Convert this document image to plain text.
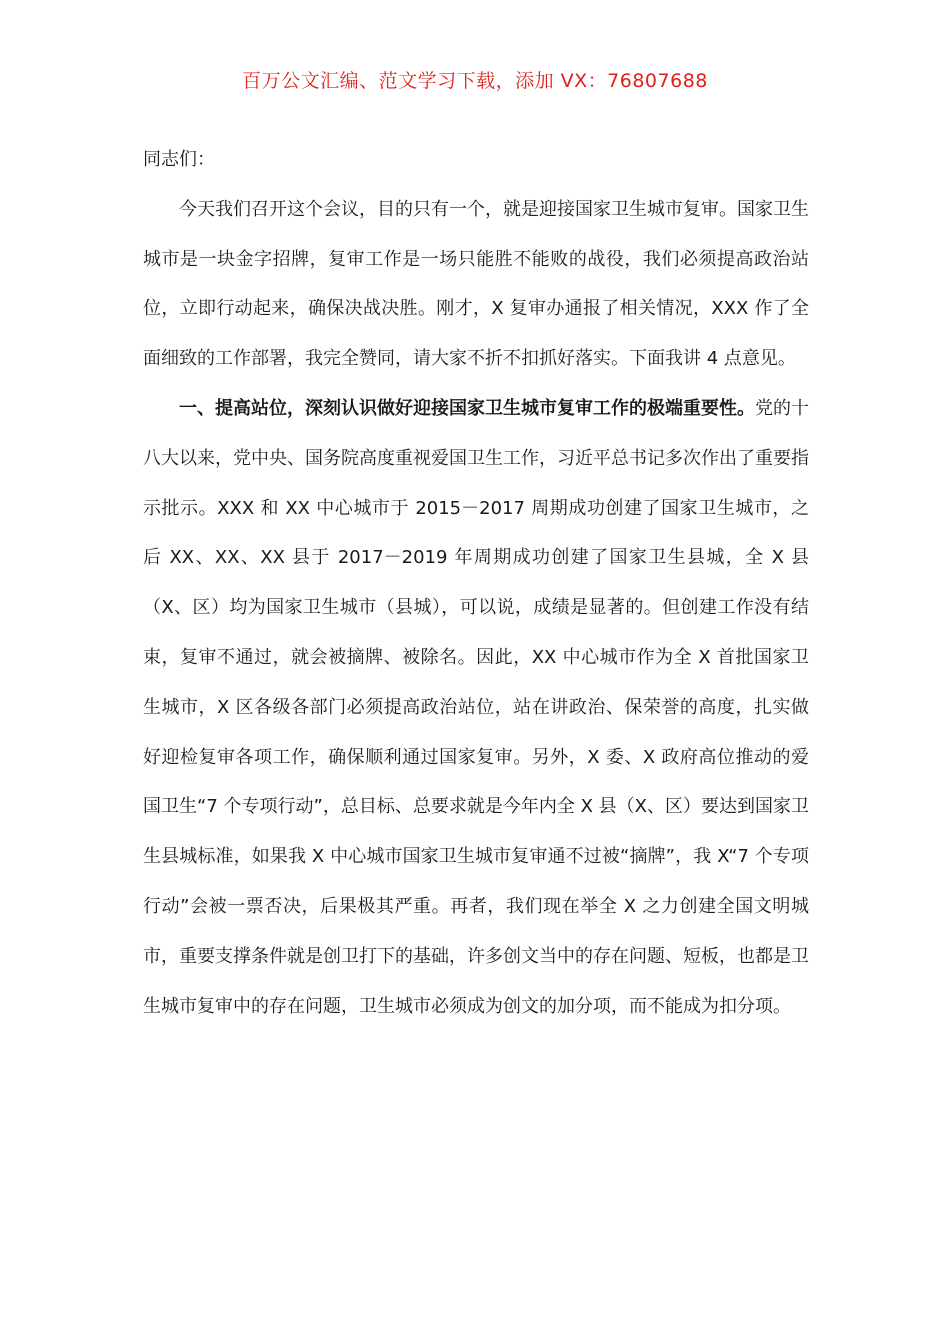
百万公文汇编、范文学习下载，添加 VX：76807688

同志们：

今天我们召开这个会议，目的只有一个，就是迎接国家卫生城市复审。国家卫生城市是一块金字招牌，复审工作是一场只能胜不能败的战役，我们必须提高政治站位，立即行动起来，确保决战决胜。刚才，X 复审办通报了相关情况，XXX 作了全面细致的工作部署，我完全赞同，请大家不折不扣抓好落实。下面我讲 4 点意见。

一、提高站位，深刻认识做好迎接国家卫生城市复审工作的极端重要性。党的十八大以来，党中央、国务院高度重视爱国卫生工作，习近平总书记多次作出了重要指示批示。XXX 和 XX 中心城市于 2015－2017 周期成功创建了国家卫生城市，之后 XX、XX、XX 县于 2017－2019 年周期成功创建了国家卫生县城，全 X 县（X、区）均为国家卫生城市（县城），可以说，成绩是显著的。但创建工作没有结束，复审不通过，就会被摘牌、被除名。因此，XX 中心城市作为全 X 首批国家卫生城市，X 区各级各部门必须提高政治站位，站在讲政治、保荣誉的高度，扎实做好迎检复审各项工作，确保顺利通过国家复审。另外，X 委、X 政府高位推动的爱国卫生“7 个专项行动”，总目标、总要求就是今年内全 X 县（X、区）要达到国家卫生县城标准，如果我 X 中心城市国家卫生城市复审通不过被“摘牌”，我 X“7 个专项行动”会被一票否决，后果极其严重。再者，我们现在举全 X 之力创建全国文明城市，重要支撑条件就是创卫打下的基础，许多创文当中的存在问题、短板，也都是卫生城市复审中的存在问题，卫生城市必须成为创文的加分项，而不能成为扣分项。
